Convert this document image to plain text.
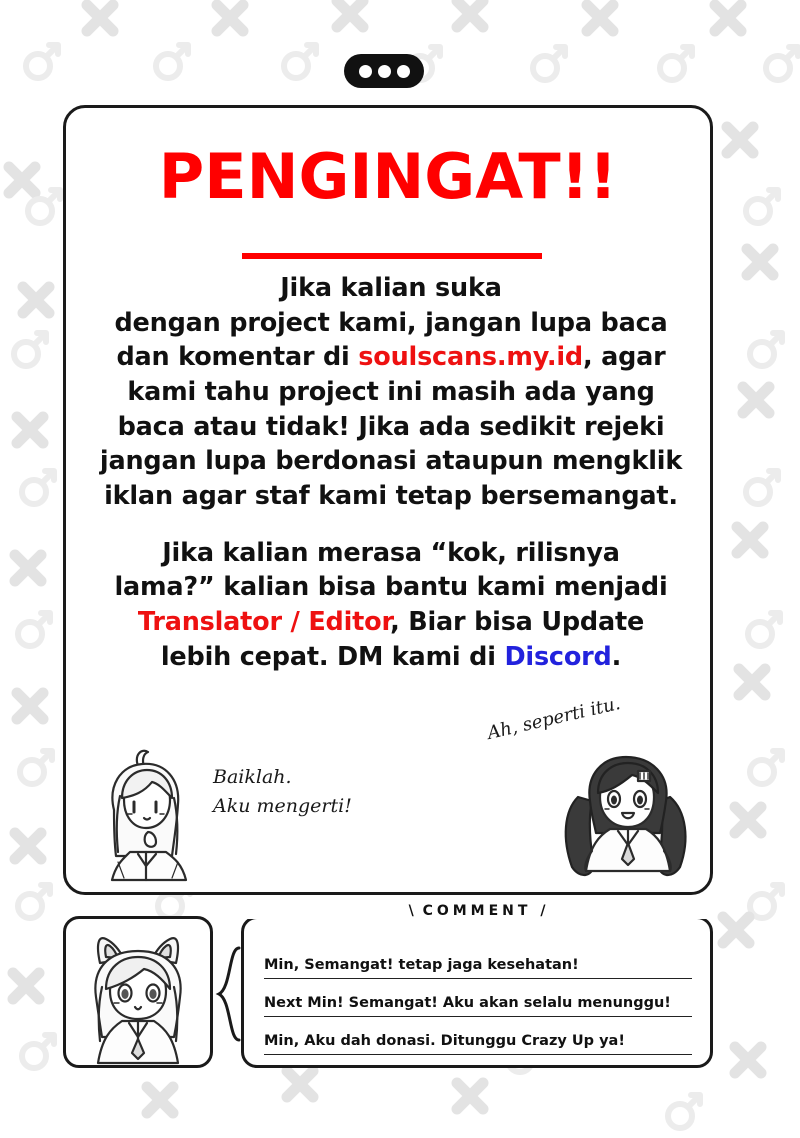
PENGINGAT!!
Jika kalian suka
dengan project kami, jangan lupa baca
dan komentar di soulscans.my.id, agar
kami tahu project ini masih ada yang
baca atau tidak! Jika ada sedikit rejeki
jangan lupa berdonasi ataupun mengklik
iklan agar staf kami tetap bersemangat.
Jika kalian merasa “kok, rilisnya
lama?” kalian bisa bantu kami menjadi
Translator / Editor, Biar bisa Update
lebih cepat. DM kami di Discord.
Baiklah.
Aku mengerti!
Ah, seperti itu.
Min, Semangat! tetap jaga kesehatan!
Next Min! Semangat! Aku akan selalu menunggu!
Min, Aku dah donasi. Ditunggu Crazy Up ya!
\ COMMENT /
